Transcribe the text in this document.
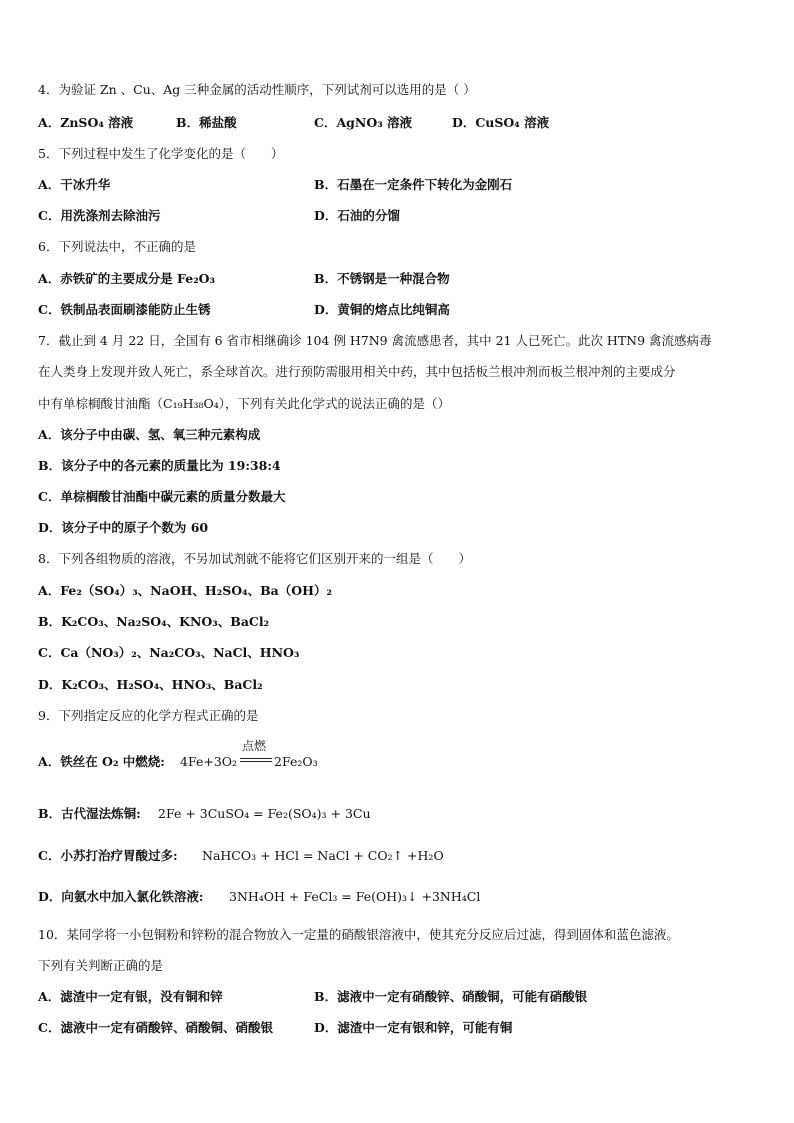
4．为验证 Zn 、Cu、Ag 三种金属的活动性顺序，下列试剂可以选用的是（ ）
A．ZnSO₄ 溶液	B．稀盐酸	C．AgNO₃ 溶液	D．CuSO₄ 溶液
5．下列过程中发生了化学变化的是（　　）
A．干冰升华	B．石墨在一定条件下转化为金刚石
C．用洗涤剂去除油污	D．石油的分馏
6．下列说法中，不正确的是
A．赤铁矿的主要成分是 Fe₂O₃	B．不锈钢是一种混合物
C．铁制品表面刷漆能防止生锈	D．黄铜的熔点比纯铜高
7．截止到 4 月 22 日，全国有 6 省市相继确诊 104 例 H7N9 禽流感患者，其中 21 人已死亡。此次 HTN9 禽流感病毒
在人类身上发现并致人死亡，系全球首次。进行预防需服用相关中药，其中包括板兰根冲剂而板兰根冲剂的主要成分
中有单棕榈酸甘油酯（C₁₉H₃₈O₄），下列有关此化学式的说法正确的是（）
A．该分子中由碳、氢、氧三种元素构成
B．该分子中的各元素的质量比为 19:38:4
C．单棕榈酸甘油酯中碳元素的质量分数最大
D．该分子中的原子个数为 60
8．下列各组物质的溶液，不另加试剂就不能将它们区别开来的一组是（　　）
A．Fe₂（SO₄）₃、NaOH、H₂SO₄、Ba（OH）₂
B．K₂CO₃、Na₂SO₄、KNO₃、BaCl₂
C．Ca（NO₃）₂、Na₂CO₃、NaCl、HNO₃
D．K₂CO₃、H₂SO₄、HNO₃、BaCl₂
9．下列指定反应的化学方程式正确的是
A．铁丝在 O₂ 中燃烧: 4Fe+3O₂
点燃
2Fe₂O₃
B．古代湿法炼铜: 2Fe + 3CuSO₄ = Fe₂(SO₄)₃ + 3Cu
C．小苏打治疗胃酸过多: NaHCO₃ + HCl = NaCl + CO₂↑ +H₂O
D．向氨水中加入氯化铁溶液: 3NH₄OH + FeCl₃ = Fe(OH)₃↓ +3NH₄Cl
10．某同学将一小包铜粉和锌粉的混合物放入一定量的硝酸银溶液中，使其充分反应后过滤，得到固体和蓝色滤液。
下列有关判断正确的是
A．滤渣中一定有银，没有铜和锌	B．滤液中一定有硝酸锌、硝酸铜，可能有硝酸银
C．滤液中一定有硝酸锌、硝酸铜、硝酸银	D．滤渣中一定有银和锌，可能有铜
